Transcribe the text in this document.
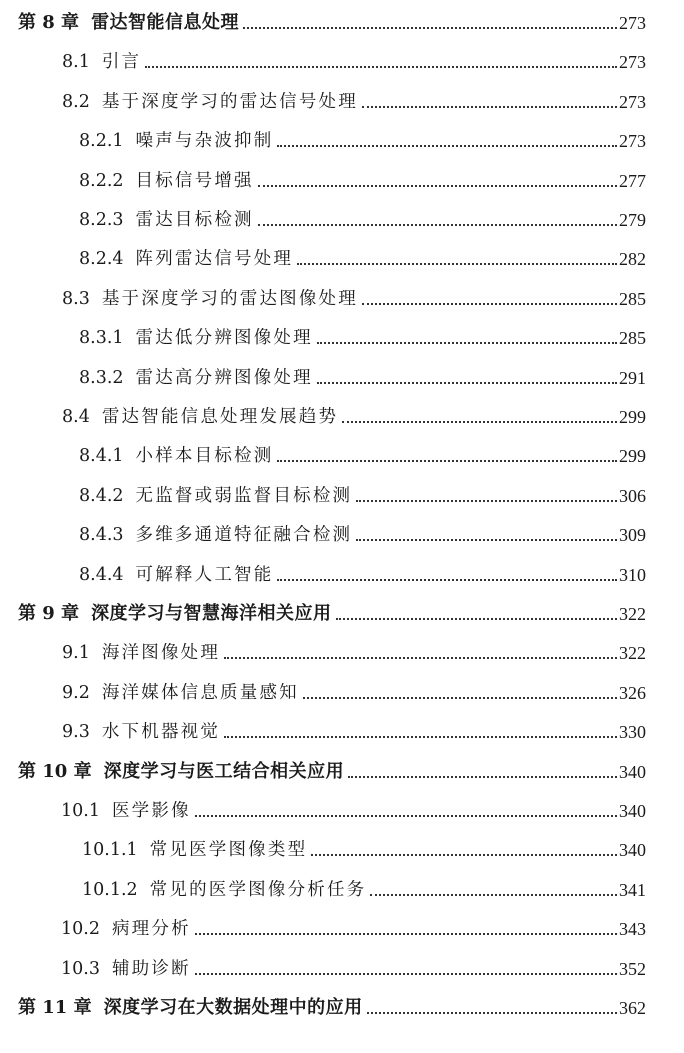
第 8 章 雷达智能信息处理	273
8.1 引言	273
8.2 基于深度学习的雷达信号处理	273
8.2.1 噪声与杂波抑制	273
8.2.2 目标信号增强	277
8.2.3 雷达目标检测	279
8.2.4 阵列雷达信号处理	282
8.3 基于深度学习的雷达图像处理	285
8.3.1 雷达低分辨图像处理	285
8.3.2 雷达高分辨图像处理	291
8.4 雷达智能信息处理发展趋势	299
8.4.1 小样本目标检测	299
8.4.2 无监督或弱监督目标检测	306
8.4.3 多维多通道特征融合检测	309
8.4.4 可解释人工智能	310
第 9 章 深度学习与智慧海洋相关应用	322
9.1 海洋图像处理	322
9.2 海洋媒体信息质量感知	326
9.3 水下机器视觉	330
第 10 章 深度学习与医工结合相关应用	340
10.1 医学影像	340
10.1.1 常见医学图像类型	340
10.1.2 常见的医学图像分析任务	341
10.2 病理分析	343
10.3 辅助诊断	352
第 11 章 深度学习在大数据处理中的应用	362
